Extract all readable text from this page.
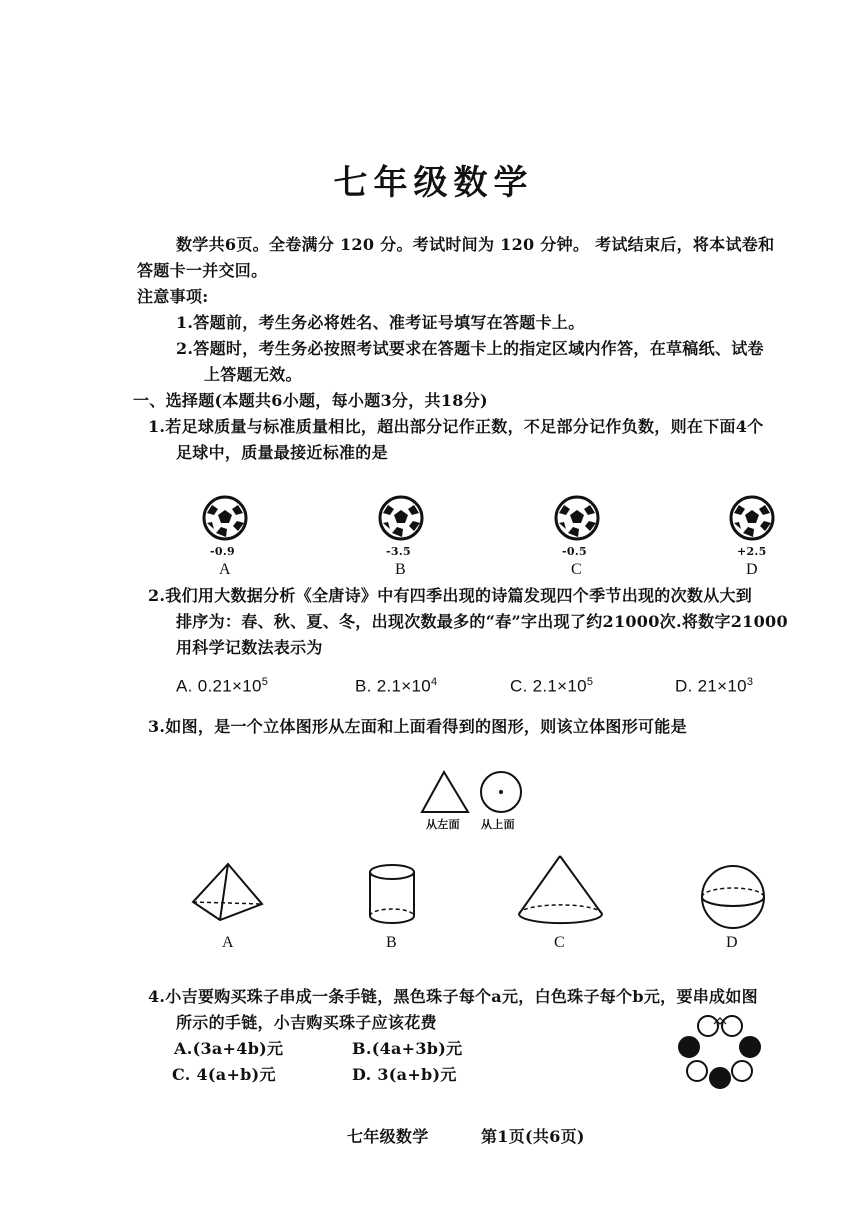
七年级数学
数学共6页。全卷满分 120 分。考试时间为 120 分钟。 考试结束后，将本试卷和
答题卡一并交回。
注意事项:
1.答题前，考生务必将姓名、准考证号填写在答题卡上。
2.答题时，考生务必按照考试要求在答题卡上的指定区域内作答，在草稿纸、试卷
上答题无效。
一、选择题(本题共6小题，每小题3分，共18分)
1.若足球质量与标准质量相比，超出部分记作正数，不足部分记作负数，则在下面4个
足球中，质量最接近标准的是
-0.9
A
-3.5
B
-0.5
C
+2.5
D
2.我们用大数据分析《全唐诗》中有四季出现的诗篇发现四个季节出现的次数从大到
排序为：春、秋、夏、冬，出现次数最多的“春”字出现了约21000次.将数字21000
用科学记数法表示为
A. $0.21\times 10^5$	B. $2.1\times 10^4$	C. $2.1\times 10^5$	D. $21\times 10^3$
3.如图，是一个立体图形从左面和上面看得到的图形，则该立体图形可能是
从左面 从上面
A	B	C	D
4.小吉要购买珠子串成一条手链，黑色珠子每个a元，白色珠子每个b元，要串成如图
所示的手链，小吉购买珠子应该花费
A.(3a+4b)元	B.(4a+3b)元
C. 4(a+b)元	D. 3(a+b)元
七年级数学	第1页(共6页)
